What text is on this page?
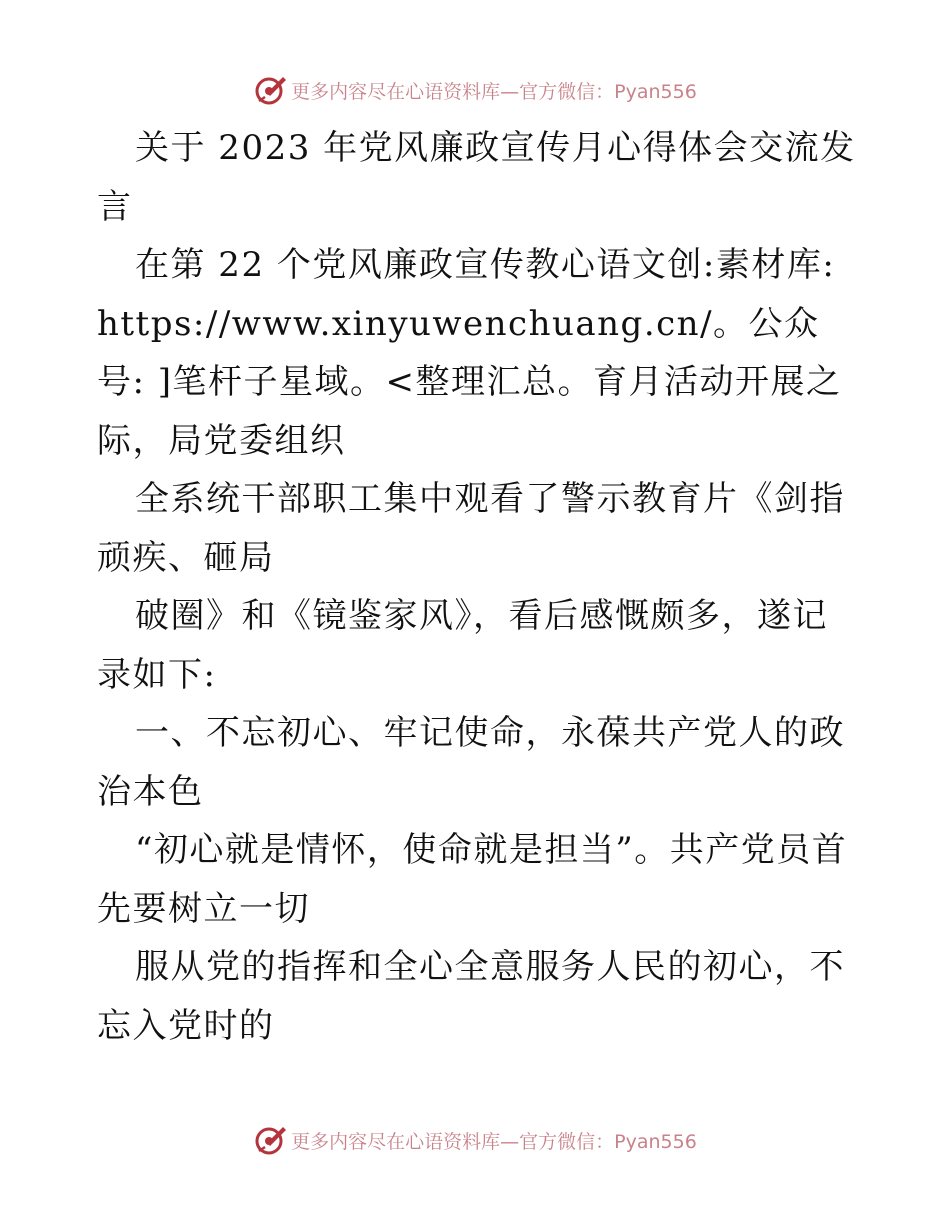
更多内容尽在心语资料库—官方微信：Pyan556

关于 2023 年党风廉政宣传月心得体会交流发言

在第 22 个党风廉政宣传教心语文创:素材库:https://www.xinyuwenchuang.cn/。公众号: ]笔杆子星域。<整理汇总。育月活动开展之际，局党委组织

全系统干部职工集中观看了警示教育片《剑指顽疾、砸局

破圈》和《镜鉴家风》，看后感慨颇多，遂记录如下:

一、不忘初心、牢记使命，永葆共产党人的政治本色

“初心就是情怀，使命就是担当”。共产党员首先要树立一切

服从党的指挥和全心全意服务人民的初心，不忘入党时的

更多内容尽在心语资料库—官方微信：Pyan556
